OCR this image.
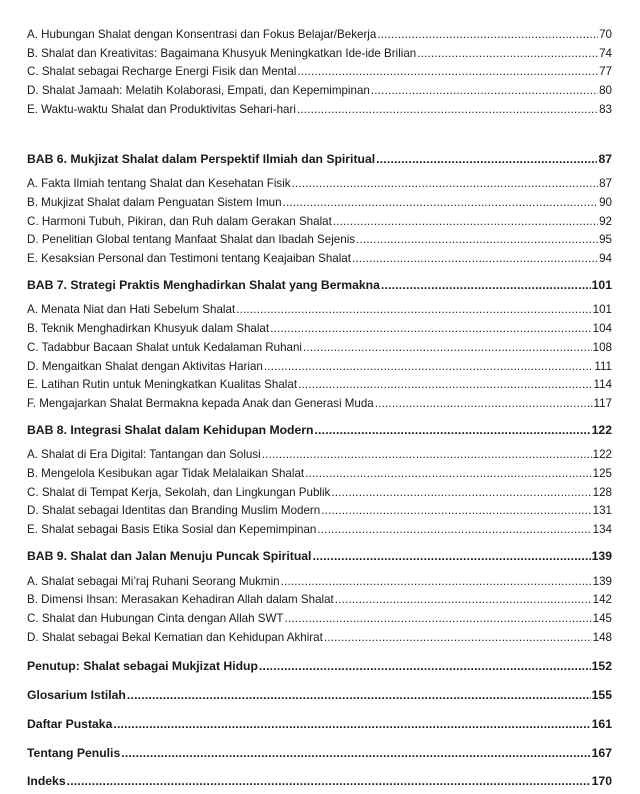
A. Hubungan Shalat dengan Konsentrasi dan Fokus Belajar/Bekerja .....	70
B. Shalat dan Kreativitas: Bagaimana Khusyuk Meningkatkan Ide-ide Brilian .....	74
C. Shalat sebagai Recharge Energi Fisik dan Mental .....	77
D. Shalat Jamaah: Melatih Kolaborasi, Empati, dan Kepemimpinan .....	80
E. Waktu-waktu Shalat dan Produktivitas Sehari-hari .....	83
BAB 6. Mukjizat Shalat dalam Perspektif Ilmiah dan Spiritual .....	87
A. Fakta Ilmiah tentang Shalat dan Kesehatan Fisik .....	87
B. Mukjizat Shalat dalam Penguatan Sistem Imun .....	90
C. Harmoni Tubuh, Pikiran, dan Ruh dalam Gerakan Shalat .....	92
D. Penelitian Global tentang Manfaat Shalat dan Ibadah Sejenis .....	95
E. Kesaksian Personal dan Testimoni tentang Keajaiban Shalat .....	94
BAB 7. Strategi Praktis Menghadirkan Shalat yang Bermakna .....	101
A. Menata Niat dan Hati Sebelum Shalat .....	101
B. Teknik Menghadirkan Khusyuk dalam Shalat .....	104
C. Tadabbur Bacaan Shalat untuk Kedalaman Ruhani .....	108
D. Mengaitkan Shalat dengan Aktivitas Harian .....	111
E. Latihan Rutin untuk Meningkatkan Kualitas Shalat .....	114
F. Mengajarkan Shalat Bermakna kepada Anak dan Generasi Muda .....	117
BAB 8. Integrasi Shalat dalam Kehidupan Modern .....	122
A. Shalat di Era Digital: Tantangan dan Solusi .....	122
B. Mengelola Kesibukan agar Tidak Melalaikan Shalat .....	125
C. Shalat di Tempat Kerja, Sekolah, dan Lingkungan Publik .....	128
D. Shalat sebagai Identitas dan Branding Muslim Modern .....	131
E. Shalat sebagai Basis Etika Sosial dan Kepemimpinan .....	134
BAB 9. Shalat dan Jalan Menuju Puncak Spiritual .....	139
A. Shalat sebagai Mi’raj Ruhani Seorang Mukmin .....	139
B. Dimensi Ihsan: Merasakan Kehadiran Allah dalam Shalat .....	142
C. Shalat dan Hubungan Cinta dengan Allah SWT .....	145
D. Shalat sebagai Bekal Kematian dan Kehidupan Akhirat .....	148
Penutup: Shalat sebagai Mukjizat Hidup .....	152
Glosarium Istilah .....	155
Daftar Pustaka .....	161
Tentang Penulis .....	167
Indeks .....	170
